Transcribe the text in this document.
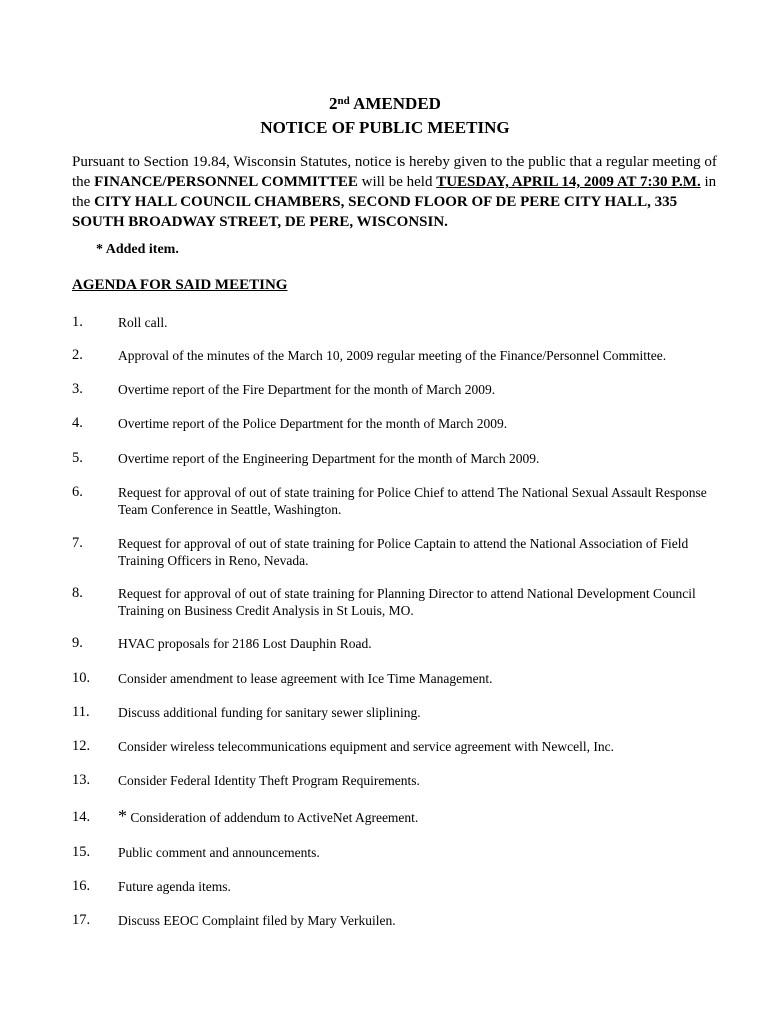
2nd AMENDED
NOTICE OF PUBLIC MEETING
Pursuant to Section 19.84, Wisconsin Statutes, notice is hereby given to the public that a regular meeting of the FINANCE/PERSONNEL COMMITTEE will be held TUESDAY, APRIL 14, 2009 AT 7:30 P.M. in the CITY HALL COUNCIL CHAMBERS, SECOND FLOOR OF DE PERE CITY HALL, 335 SOUTH BROADWAY STREET, DE PERE, WISCONSIN.
* Added item.
AGENDA FOR SAID MEETING
1.	Roll call.
2.	Approval of the minutes of the March 10, 2009 regular meeting of the Finance/Personnel Committee.
3.	Overtime report of the Fire Department for the month of March 2009.
4.	Overtime report of the Police Department for the month of March 2009.
5.	Overtime report of the Engineering Department for the month of March 2009.
6.	Request for approval of out of state training for Police Chief to attend The National Sexual Assault Response Team Conference in Seattle, Washington.
7.	Request for approval of out of state training for Police Captain to attend the National Association of Field Training Officers in Reno, Nevada.
8.	Request for approval of out of state training for Planning Director to attend National Development Council Training on Business Credit Analysis in St Louis, MO.
9.	HVAC proposals for 2186 Lost Dauphin Road.
10. Consider amendment to lease agreement with Ice Time Management.
11. Discuss additional funding for sanitary sewer sliplining.
12. Consider wireless telecommunications equipment and service agreement with Newcell, Inc.
13. Consider Federal Identity Theft Program Requirements.
14. * Consideration of addendum to ActiveNet Agreement.
15. Public comment and announcements.
16. Future agenda items.
17. Discuss EEOC Complaint filed by Mary Verkuilen.
